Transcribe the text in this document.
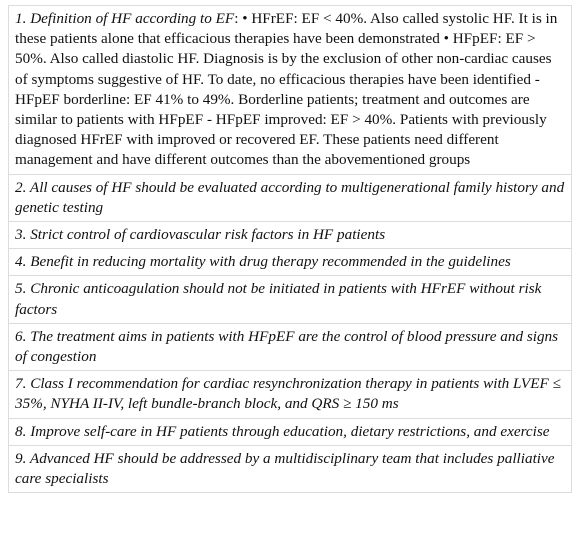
1. Definition of HF according to EF: • HFrEF: EF < 40%. Also called systolic HF. It is in these patients alone that efficacious therapies have been demonstrated • HFpEF: EF > 50%. Also called diastolic HF. Diagnosis is by the exclusion of other non-cardiac causes of symptoms suggestive of HF. To date, no efficacious therapies have been identified - HFpEF borderline: EF 41% to 49%. Borderline patients; treatment and outcomes are similar to patients with HFpEF - HFpEF improved: EF > 40%. Patients with previously diagnosed HFrEF with improved or recovered EF. These patients need different management and have different outcomes than the abovementioned groups
2. All causes of HF should be evaluated according to multigenerational family history and genetic testing
3. Strict control of cardiovascular risk factors in HF patients
4. Benefit in reducing mortality with drug therapy recommended in the guidelines
5. Chronic anticoagulation should not be initiated in patients with HFrEF without risk factors
6. The treatment aims in patients with HFpEF are the control of blood pressure and signs of congestion
7. Class I recommendation for cardiac resynchronization therapy in patients with LVEF ≤ 35%, NYHA II-IV, left bundle-branch block, and QRS ≥ 150 ms
8. Improve self-care in HF patients through education, dietary restrictions, and exercise
9. Advanced HF should be addressed by a multidisciplinary team that includes palliative care specialists
